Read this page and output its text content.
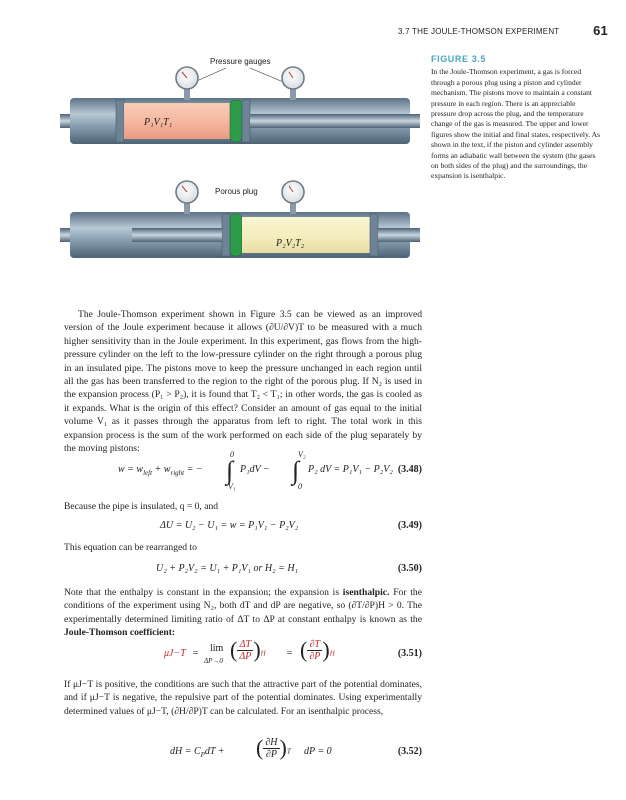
3.7 THE JOULE-THOMSON EXPERIMENT	61
Pressure gauges
P₁V₁T₁
Porous plug
P₂V₂T₂
FIGURE 3.5
In the Joule-Thomson experiment, a gas is forced through a porous plug using a piston and cylinder mechanism. The pistons move to maintain a constant pressure in each region. There is an appreciable pressure drop across the plug, and the temperature change of the gas is measured. The upper and lower figures show the initial and final states, respectively. As shown in the text, if the piston and cylinder assembly forms an adiabatic wall between the system (the gases on both sides of the plug) and the surroundings, the expansion is isenthalpic.

The Joule-Thomson experiment shown in Figure 3.5 can be viewed as an improved version of the Joule experiment because it allows (∂U/∂V)T to be measured with a much higher sensitivity than in the Joule experiment. In this experiment, gas flows from the high-pressure cylinder on the left to the low-pressure cylinder on the right through a porous plug in an insulated pipe. The pistons move to keep the pressure unchanged in each region until all the gas has been transferred to the region to the right of the porous plug. If N₂ is used in the expansion process (P₁ > P₂), it is found that T₂ < T₁; in other words, the gas is cooled as it expands. What is the origin of this effect? Consider an amount of gas equal to the initial volume V₁ as it passes through the apparatus from left to right. The total work in this expansion process is the sum of the work performed on each side of the plug separately by the moving pistons:

$w = w_{left} + w_{right}$ = −
0
∫
V₁
P₁dV −
V₂
∫
0
P₂ dV = P₁V₁ − P₂V₂ (3.48)

Because the pipe is insulated, q = 0, and

ΔU = U₂ − U₁ = w = P₁V₁ − P₂V₂	(3.49)

This equation can be rearranged to

U₂ + P₂V₂ = U₁ + P₁V₁ or H₂ = H₁	(3.50)

Note that the enthalpy is constant in the expansion; the expansion is isenthalpic. For the conditions of the experiment using N₂, both dT and dP are negative, so (∂T/∂P)H > 0. The experimentally determined limiting ratio of ΔT to ΔP at constant enthalpy is known as the Joule-Thomson coefficient:

μJ−T = lim
ΔP→0 ( $\frac{\Delta T}{\Delta P} )_H$ = ( $\frac{\partial T}{\partial P} )_H$	(3.51)

If μJ−T is positive, the conditions are such that the attractive part of the potential dominates, and if μJ−T is negative, the repulsive part of the potential dominates. Using experimentally determined values of μJ−T, (∂H/∂P)T can be calculated. For an isenthalpic process,

dH = $C_PdT$ + ( $\frac{\partial H}{\partial P} )_T$ dP = 0	(3.52)
